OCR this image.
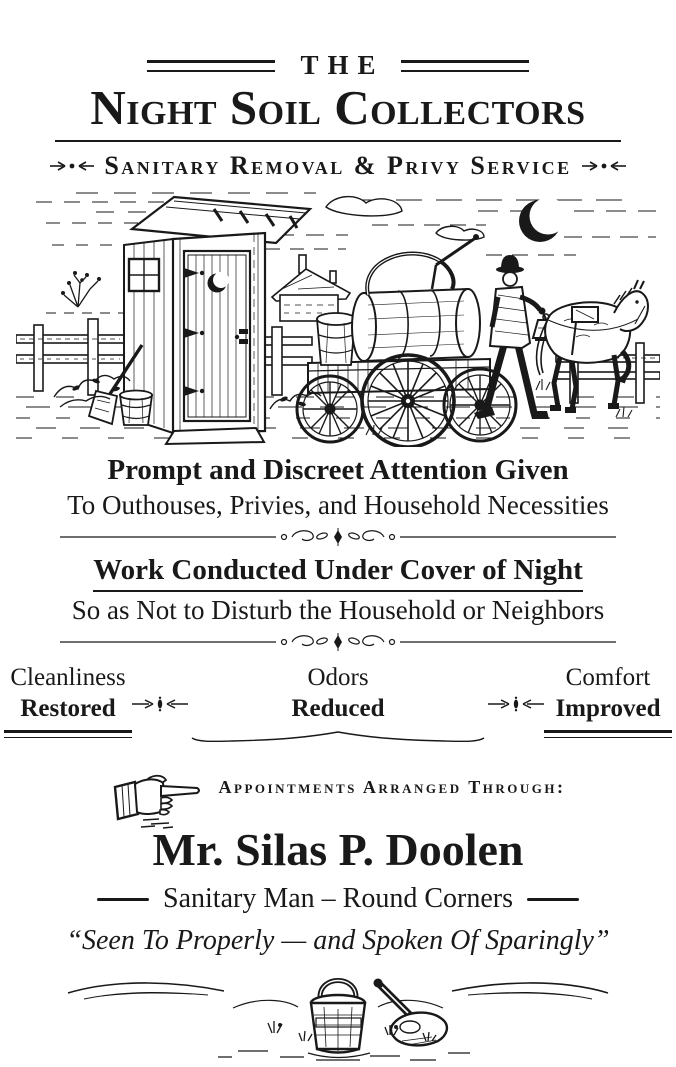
THE
Night Soil Collectors
Sanitary Removal & Privy Service
Prompt and Discreet Attention Given
To Outhouses, Privies, and Household Necessities
Work Conducted Under Cover of Night
So as Not to Disturb the Household or Neighbors
Cleanliness
Restored
Odors
Reduced
Comfort
Improved
Appointments Arranged Through:
Mr. Silas P. Doolen
Sanitary Man – Round Corners
“Seen To Properly — and Spoken Of Sparingly”
